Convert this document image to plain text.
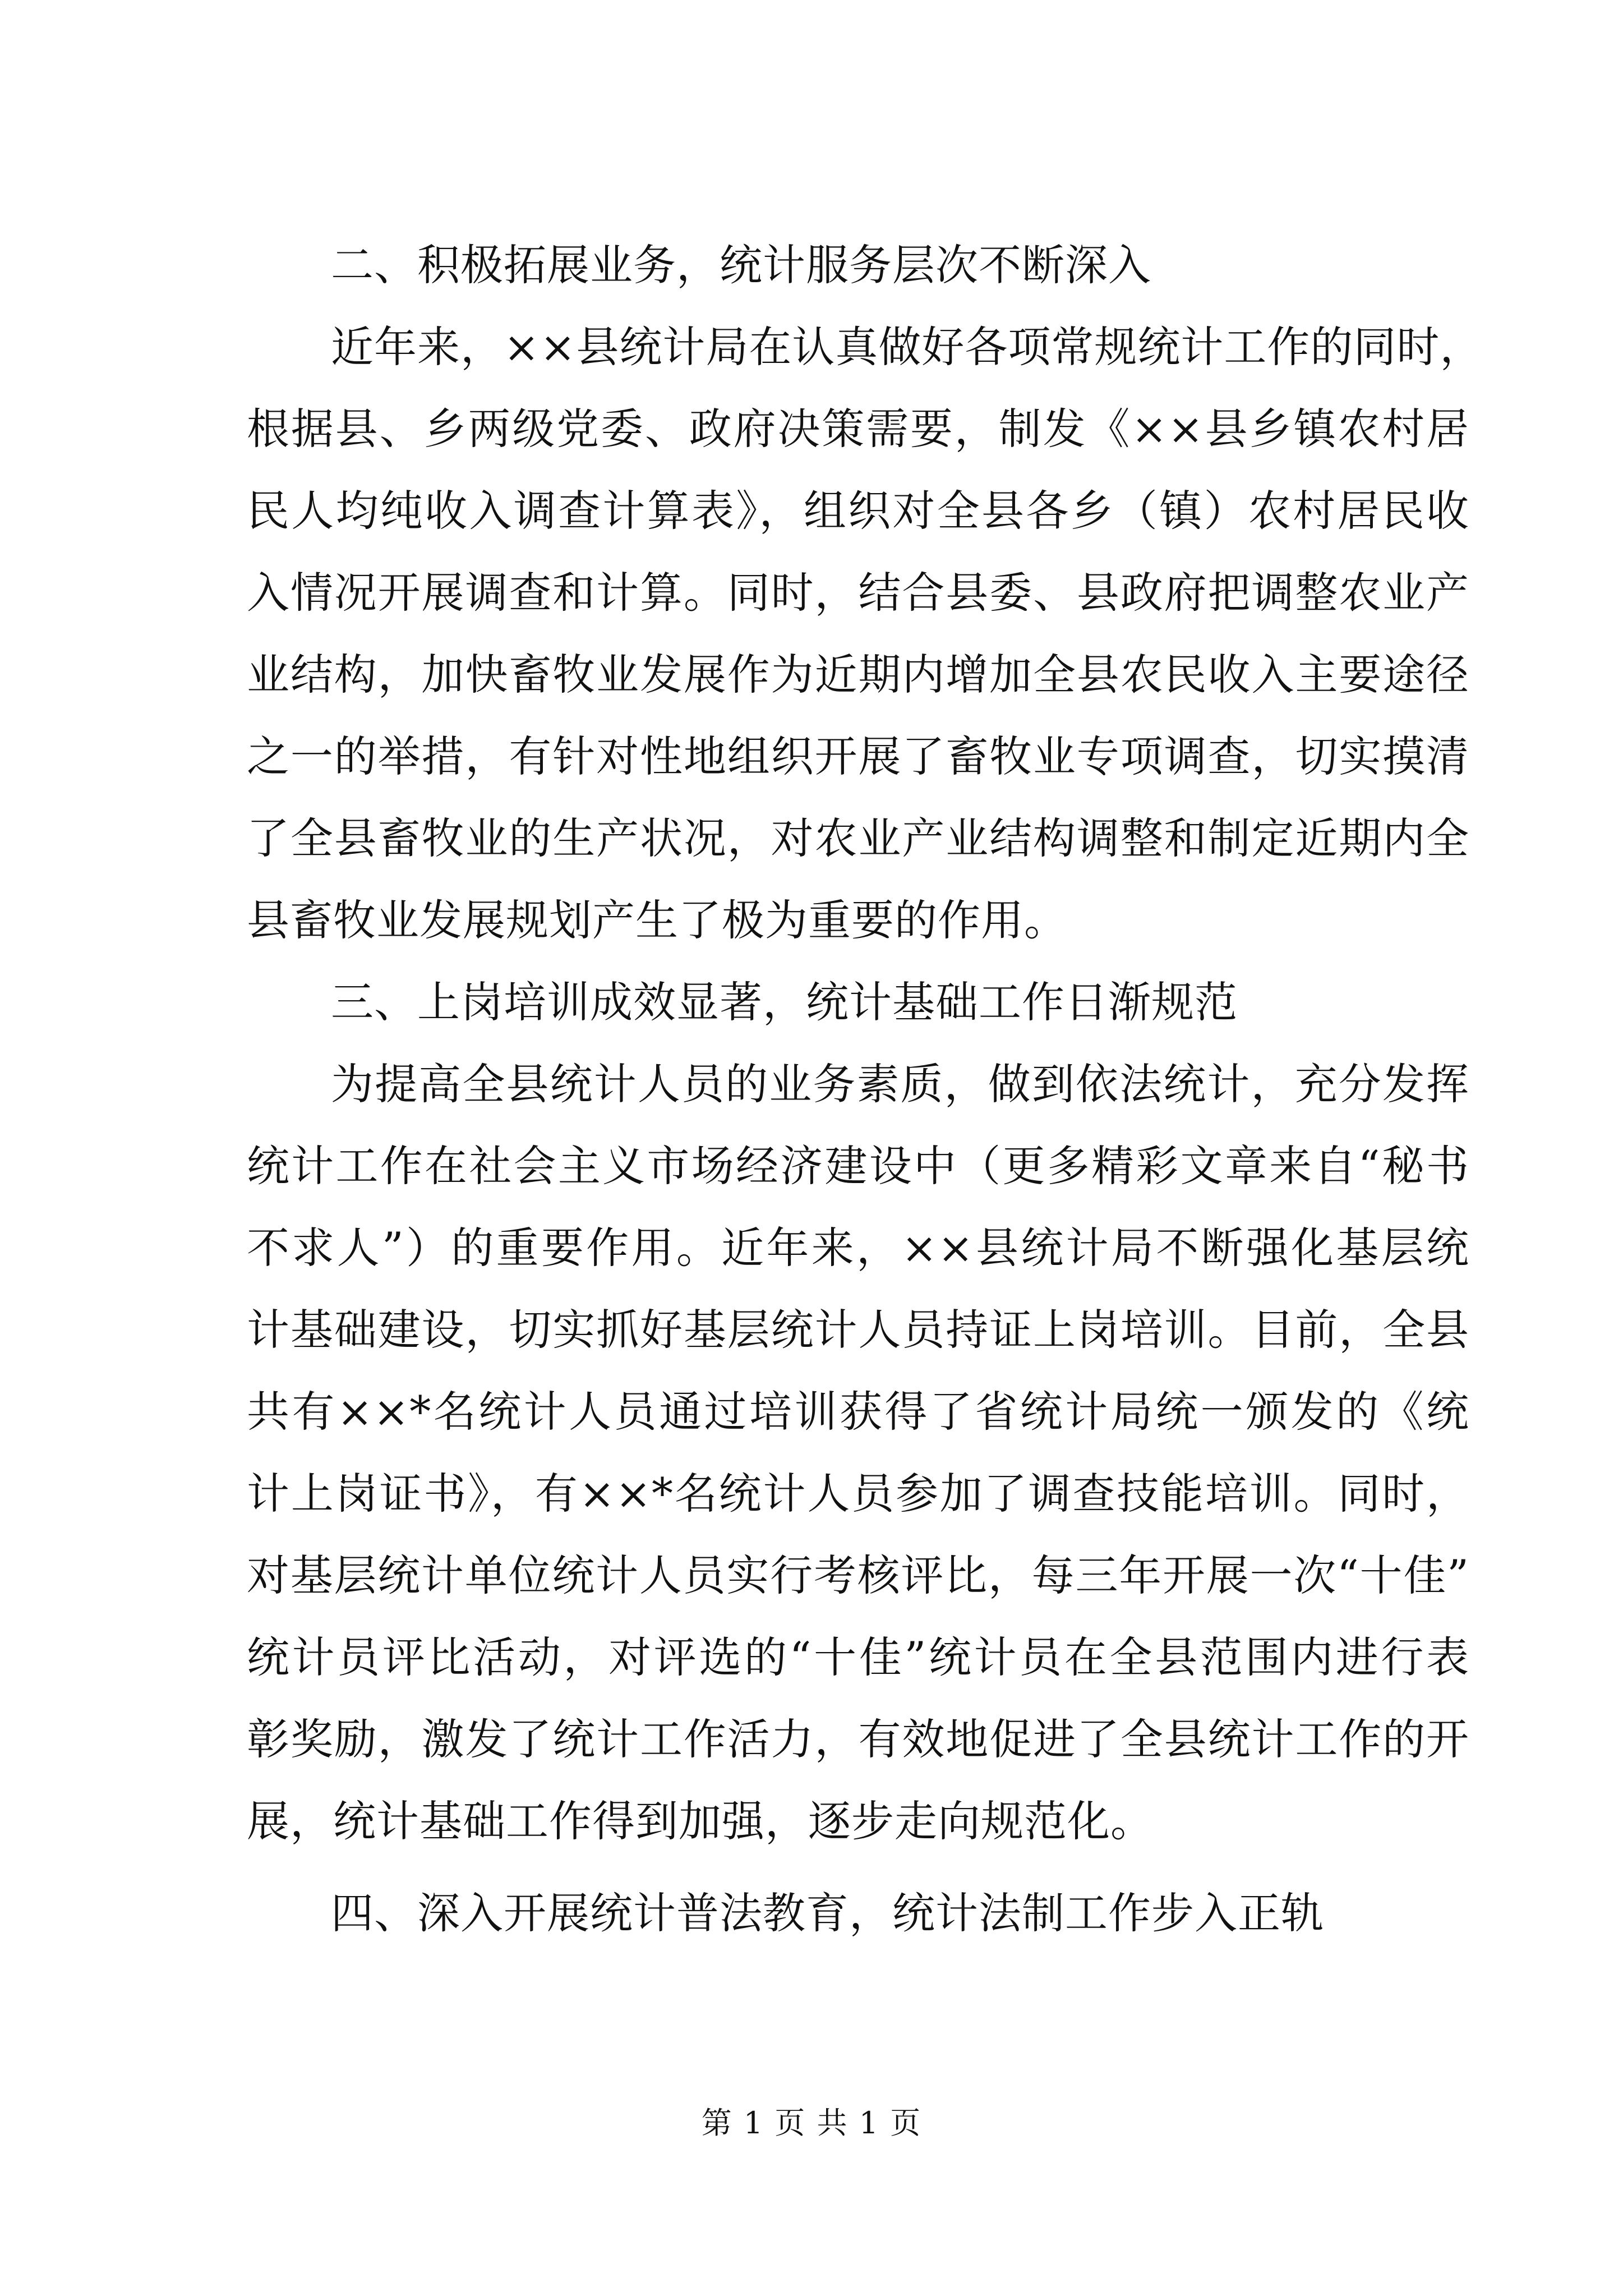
二、积极拓展业务，统计服务层次不断深入
近年来，××县统计局在认真做好各项常规统计工作的同时，
根据县、乡两级党委、政府决策需要，制发《××县乡镇农村居
民人均纯收入调查计算表》，组织对全县各乡（镇）农村居民收
入情况开展调查和计算。同时，结合县委、县政府把调整农业产
业结构，加快畜牧业发展作为近期内增加全县农民收入主要途径
之一的举措，有针对性地组织开展了畜牧业专项调查，切实摸清
了全县畜牧业的生产状况，对农业产业结构调整和制定近期内全
县畜牧业发展规划产生了极为重要的作用。
三、上岗培训成效显著，统计基础工作日渐规范
为提高全县统计人员的业务素质，做到依法统计，充分发挥
统计工作在社会主义市场经济建设中（更多精彩文章来自“秘书
不求人”）的重要作用。近年来，××县统计局不断强化基层统
计基础建设，切实抓好基层统计人员持证上岗培训。目前，全县
共有××*名统计人员通过培训获得了省统计局统一颁发的《统
计上岗证书》，有××*名统计人员参加了调查技能培训。同时，
对基层统计单位统计人员实行考核评比，每三年开展一次“十佳”
统计员评比活动，对评选的“十佳”统计员在全县范围内进行表
彰奖励，激发了统计工作活力，有效地促进了全县统计工作的开
展，统计基础工作得到加强，逐步走向规范化。
四、深入开展统计普法教育，统计法制工作步入正轨
第 1 页 共 1 页
